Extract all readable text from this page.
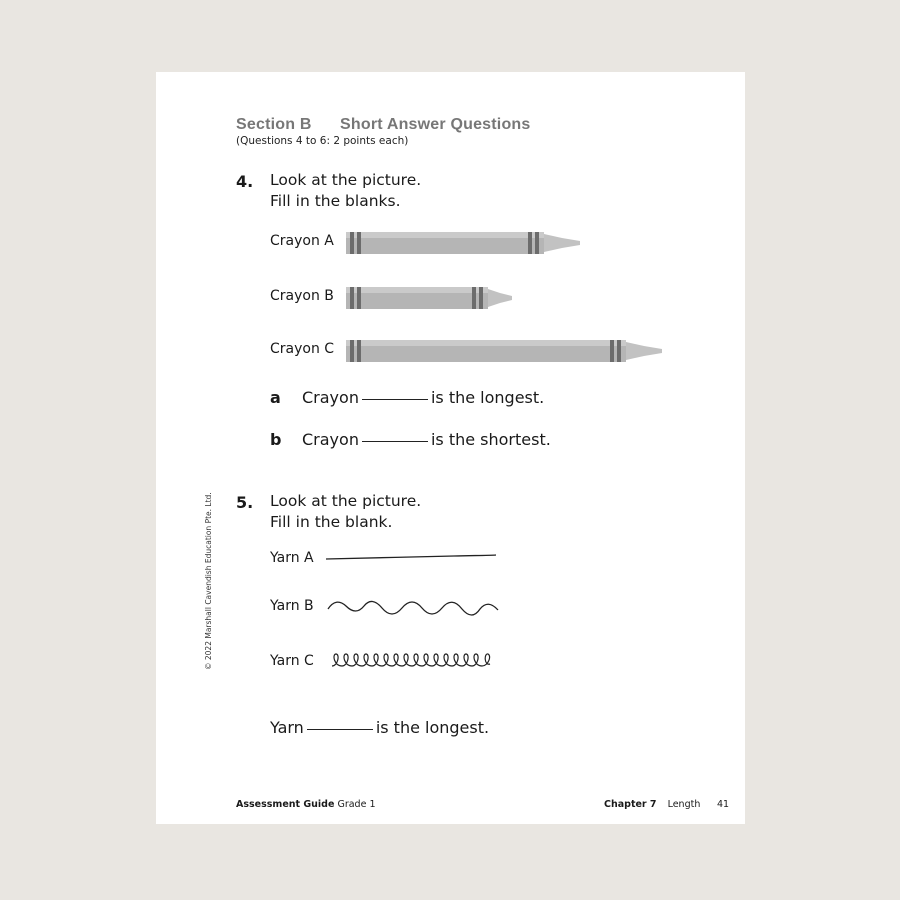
Section B Short Answer Questions
(Questions 4 to 6: 2 points each)
4. Look at the picture.
Fill in the blanks.
Crayon A
Crayon B
Crayon C
a Crayon	is the longest.
b Crayon	is the shortest.
5. Look at the picture.
Fill in the blank.
Yarn A
Yarn B
Yarn C
Yarn	is the longest.
© 2022 Marshall Cavendish Education Pte. Ltd.
Assessment Guide Grade 1	Chapter 7 Length 41
